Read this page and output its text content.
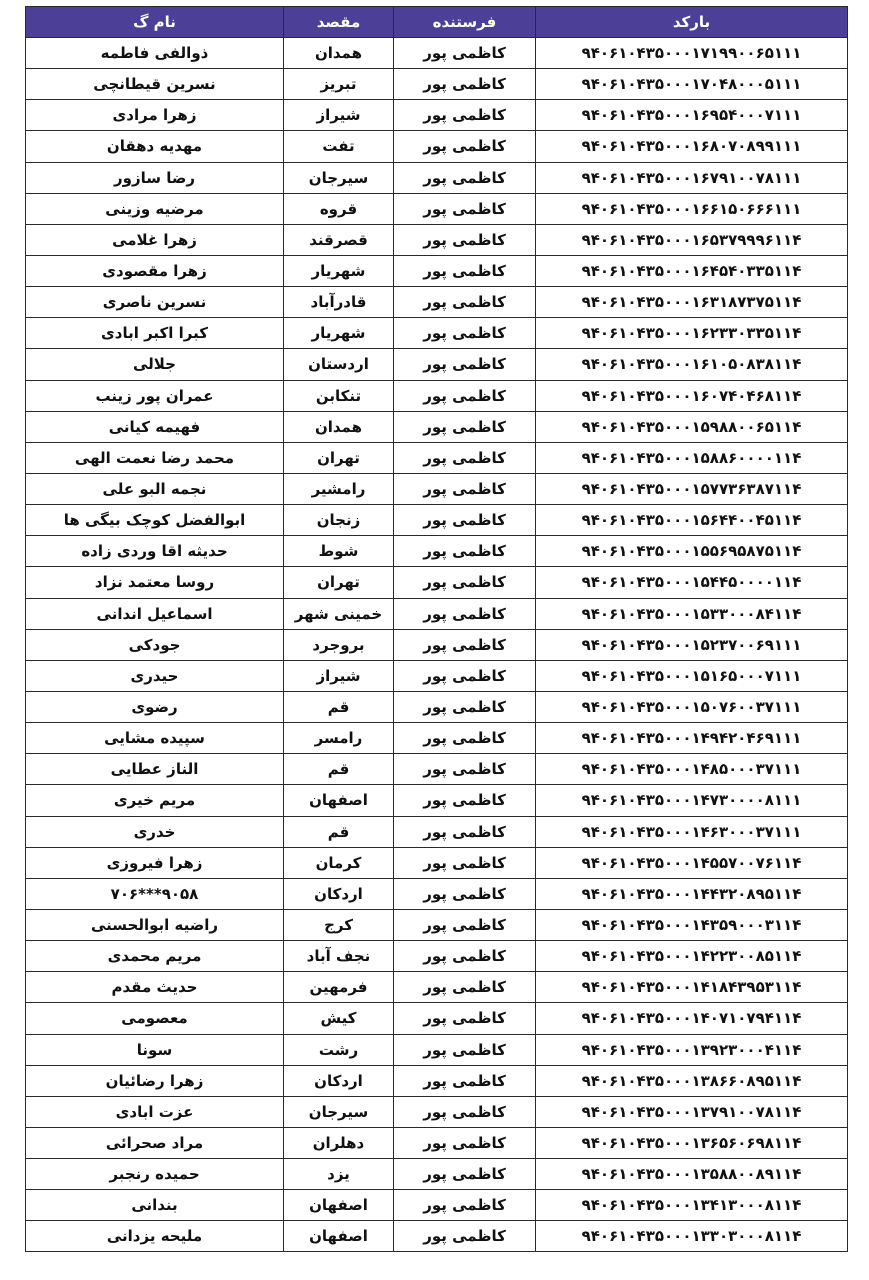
بارکد	فرستنده	مقصد	نام گ
۹۴۰۶۱۰۴۳۵۰۰۰۱۷۱۹۹۰۰۶۵۱۱۱	کاظمی پور	همدان	ذوالفی فاطمه
۹۴۰۶۱۰۴۳۵۰۰۰۱۷۰۴۸۰۰۰۵۱۱۱	کاظمی پور	تبریز	نسرین قیطانچی
۹۴۰۶۱۰۴۳۵۰۰۰۱۶۹۵۴۰۰۰۷۱۱۱	کاظمی پور	شیراز	زهرا مرادی
۹۴۰۶۱۰۴۳۵۰۰۰۱۶۸۰۷۰۸۹۹۱۱۱	کاظمی پور	تفت	مهدیه دهقان
۹۴۰۶۱۰۴۳۵۰۰۰۱۶۷۹۱۰۰۷۸۱۱۱	کاظمی پور	سیرجان	رضا سازور
۹۴۰۶۱۰۴۳۵۰۰۰۱۶۶۱۵۰۶۶۶۱۱۱	کاظمی پور	قروه	مرضیه وزینی
۹۴۰۶۱۰۴۳۵۰۰۰۱۶۵۳۷۹۹۹۶۱۱۴	کاظمی پور	قصرقند	زهرا غلامی
۹۴۰۶۱۰۴۳۵۰۰۰۱۶۴۵۴۰۳۳۵۱۱۴	کاظمی پور	شهریار	زهرا مقصودی
۹۴۰۶۱۰۴۳۵۰۰۰۱۶۳۱۸۷۳۷۵۱۱۴	کاظمی پور	قادرآباد	نسرین ناصری
۹۴۰۶۱۰۴۳۵۰۰۰۱۶۲۳۳۰۳۳۵۱۱۴	کاظمی پور	شهریار	کبرا اکبر ابادی
۹۴۰۶۱۰۴۳۵۰۰۰۱۶۱۰۵۰۸۳۸۱۱۴	کاظمی پور	اردستان	جلالی
۹۴۰۶۱۰۴۳۵۰۰۰۱۶۰۷۴۰۴۶۸۱۱۴	کاظمی پور	تنکابن	عمران پور زینب
۹۴۰۶۱۰۴۳۵۰۰۰۱۵۹۸۸۰۰۶۵۱۱۴	کاظمی پور	همدان	فهیمه کیانی
۹۴۰۶۱۰۴۳۵۰۰۰۱۵۸۸۶۰۰۰۰۱۱۴	کاظمی پور	تهران	محمد رضا نعمت الهی
۹۴۰۶۱۰۴۳۵۰۰۰۱۵۷۷۳۶۳۸۷۱۱۴	کاظمی پور	رامشیر	نجمه البو علی
۹۴۰۶۱۰۴۳۵۰۰۰۱۵۶۴۴۰۰۴۵۱۱۴	کاظمی پور	زنجان	ابوالفضل کوچک بیگی ها
۹۴۰۶۱۰۴۳۵۰۰۰۱۵۵۶۹۵۸۷۵۱۱۴	کاظمی پور	شوط	حدیثه اقا وردی زاده
۹۴۰۶۱۰۴۳۵۰۰۰۱۵۴۴۵۰۰۰۰۱۱۴	کاظمی پور	تهران	روسا معتمد نزاد
۹۴۰۶۱۰۴۳۵۰۰۰۱۵۳۳۰۰۰۸۴۱۱۴	کاظمی پور	خمینی شهر	اسماعیل اندانی
۹۴۰۶۱۰۴۳۵۰۰۰۱۵۲۳۷۰۰۶۹۱۱۱	کاظمی پور	بروجرد	جودکی
۹۴۰۶۱۰۴۳۵۰۰۰۱۵۱۶۵۰۰۰۷۱۱۱	کاظمی پور	شیراز	حیدری
۹۴۰۶۱۰۴۳۵۰۰۰۱۵۰۷۶۰۰۳۷۱۱۱	کاظمی پور	قم	رضوی
۹۴۰۶۱۰۴۳۵۰۰۰۱۴۹۴۲۰۴۶۹۱۱۱	کاظمی پور	رامسر	سپیده مشایی
۹۴۰۶۱۰۴۳۵۰۰۰۱۴۸۵۰۰۰۳۷۱۱۱	کاظمی پور	قم	الناز عطایی
۹۴۰۶۱۰۴۳۵۰۰۰۱۴۷۳۰۰۰۰۸۱۱۱	کاظمی پور	اصفهان	مریم خیری
۹۴۰۶۱۰۴۳۵۰۰۰۱۴۶۳۰۰۰۳۷۱۱۱	کاظمی پور	قم	خدری
۹۴۰۶۱۰۴۳۵۰۰۰۱۴۵۵۷۰۰۷۶۱۱۴	کاظمی پور	کرمان	زهرا فیروزی
۹۴۰۶۱۰۴۳۵۰۰۰۱۴۴۳۲۰۸۹۵۱۱۴	کاظمی پور	اردکان	۹۰۵۸***۷۰۶
۹۴۰۶۱۰۴۳۵۰۰۰۱۴۳۵۹۰۰۰۳۱۱۴	کاظمی پور	کرج	راضیه ابوالحسنی
۹۴۰۶۱۰۴۳۵۰۰۰۱۴۲۲۳۰۰۸۵۱۱۴	کاظمی پور	نجف آباد	مریم محمدی
۹۴۰۶۱۰۴۳۵۰۰۰۱۴۱۸۴۳۹۵۳۱۱۴	کاظمی پور	فرمهین	حدیث مقدم
۹۴۰۶۱۰۴۳۵۰۰۰۱۴۰۷۱۰۷۹۴۱۱۴	کاظمی پور	کیش	معصومی
۹۴۰۶۱۰۴۳۵۰۰۰۱۳۹۲۳۰۰۰۴۱۱۴	کاظمی پور	رشت	سونا
۹۴۰۶۱۰۴۳۵۰۰۰۱۳۸۶۶۰۸۹۵۱۱۴	کاظمی پور	اردکان	زهرا رضائیان
۹۴۰۶۱۰۴۳۵۰۰۰۱۳۷۹۱۰۰۷۸۱۱۴	کاظمی پور	سیرجان	عزت ابادی
۹۴۰۶۱۰۴۳۵۰۰۰۱۳۶۵۶۰۶۹۸۱۱۴	کاظمی پور	دهلران	مراد صحرائی
۹۴۰۶۱۰۴۳۵۰۰۰۱۳۵۸۸۰۰۸۹۱۱۴	کاظمی پور	یزد	حمیده رنجبر
۹۴۰۶۱۰۴۳۵۰۰۰۱۳۴۱۳۰۰۰۸۱۱۴	کاظمی پور	اصفهان	بندانی
۹۴۰۶۱۰۴۳۵۰۰۰۱۳۳۰۳۰۰۰۸۱۱۴	کاظمی پور	اصفهان	ملیحه یزدانی
